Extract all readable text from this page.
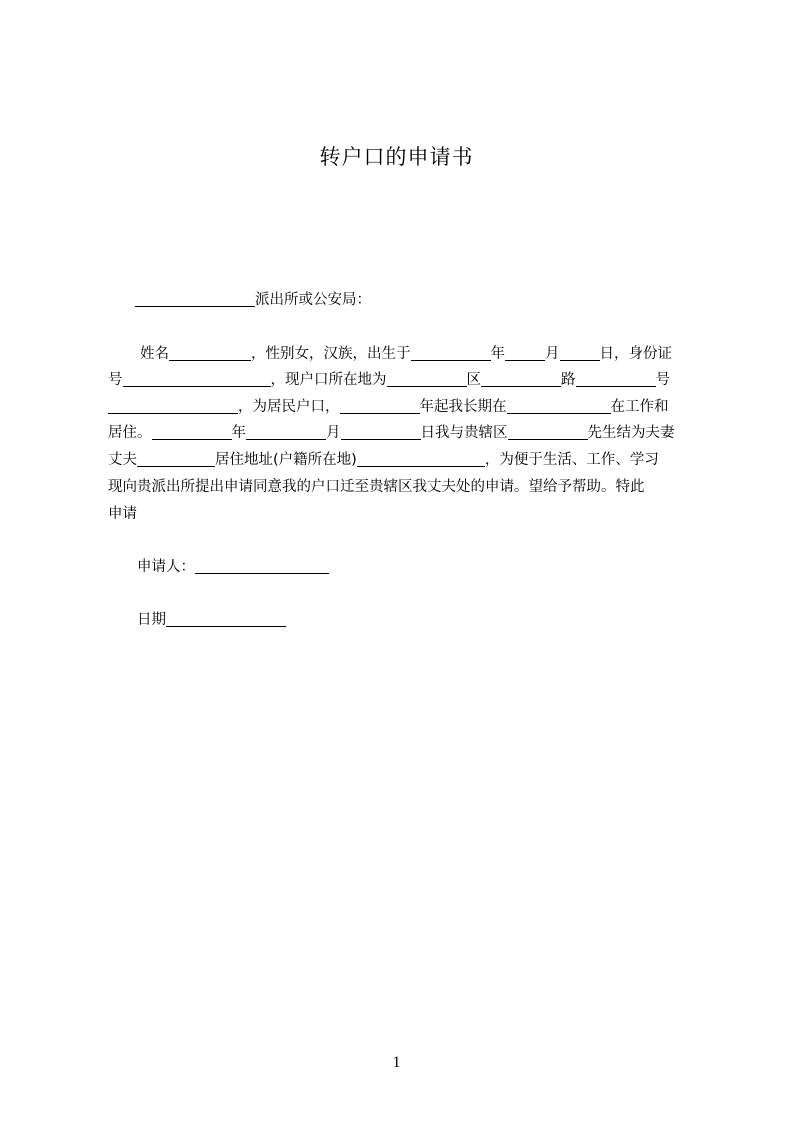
转户口的申请书
派出所或公安局：
姓名	，性别女，汉族，出生于	年	月	日，身份证
号	，现户口所在地为	区	路	号
，为居民户口，	年起我长期在	在工作和
居住。	年	月	日我与贵辖区	先生结为夫妻
丈夫	居住地址(户籍所在地)	，为便于生活、工作、学习
现向贵派出所提出申请同意我的户口迁至贵辖区我丈夫处的申请。望给予帮助。特此
申请
申请人：
日期
1
